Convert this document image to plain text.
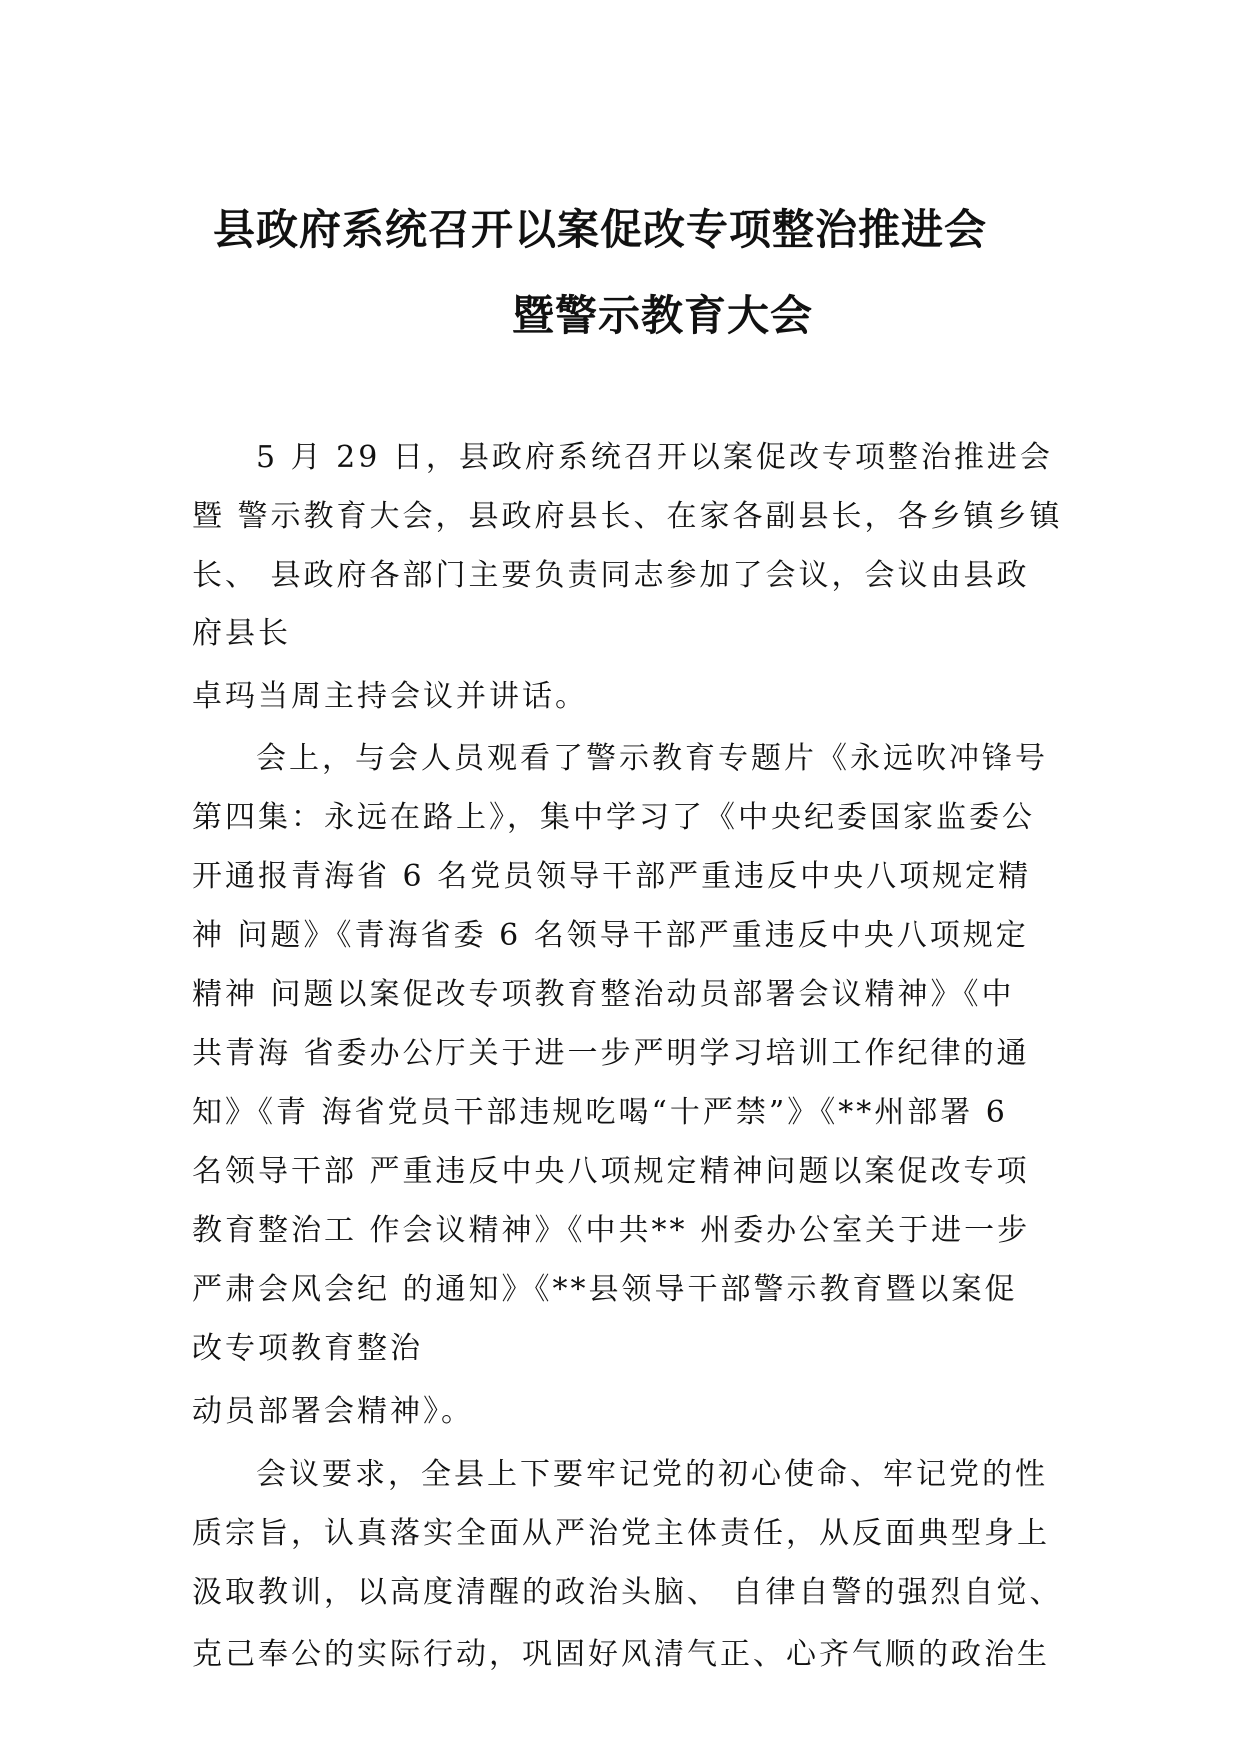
县政府系统召开以案促改专项整治推进会
暨警示教育大会
5 月 29 日，县政府系统召开以案促改专项整治推进会
暨 警示教育大会，县政府县长、在家各副县长，各乡镇乡镇
长、 县政府各部门主要负责同志参加了会议，会议由县政
府县长
卓玛当周主持会议并讲话。
会上，与会人员观看了警示教育专题片《永远吹冲锋号
第四集：永远在路上》，集中学习了《中央纪委国家监委公
开通报青海省 6 名党员领导干部严重违反中央八项规定精
神 问题》《青海省委 6 名领导干部严重违反中央八项规定
精神 问题以案促改专项教育整治动员部署会议精神》《中
共青海 省委办公厅关于进一步严明学习培训工作纪律的通
知》《青 海省党员干部违规吃喝“十严禁”》《**州部署 6
名领导干部 严重违反中央八项规定精神问题以案促改专项
教育整治工 作会议精神》《中共** 州委办公室关于进一步
严肃会风会纪 的通知》《**县领导干部警示教育暨以案促
改专项教育整治
动员部署会精神》。
会议要求，全县上下要牢记党的初心使命、牢记党的性
质宗旨，认真落实全面从严治党主体责任，从反面典型身上
汲取教训，以高度清醒的政治头脑、 自律自警的强烈自觉、
克己奉公的实际行动，巩固好风清气正、心齐气顺的政治生
